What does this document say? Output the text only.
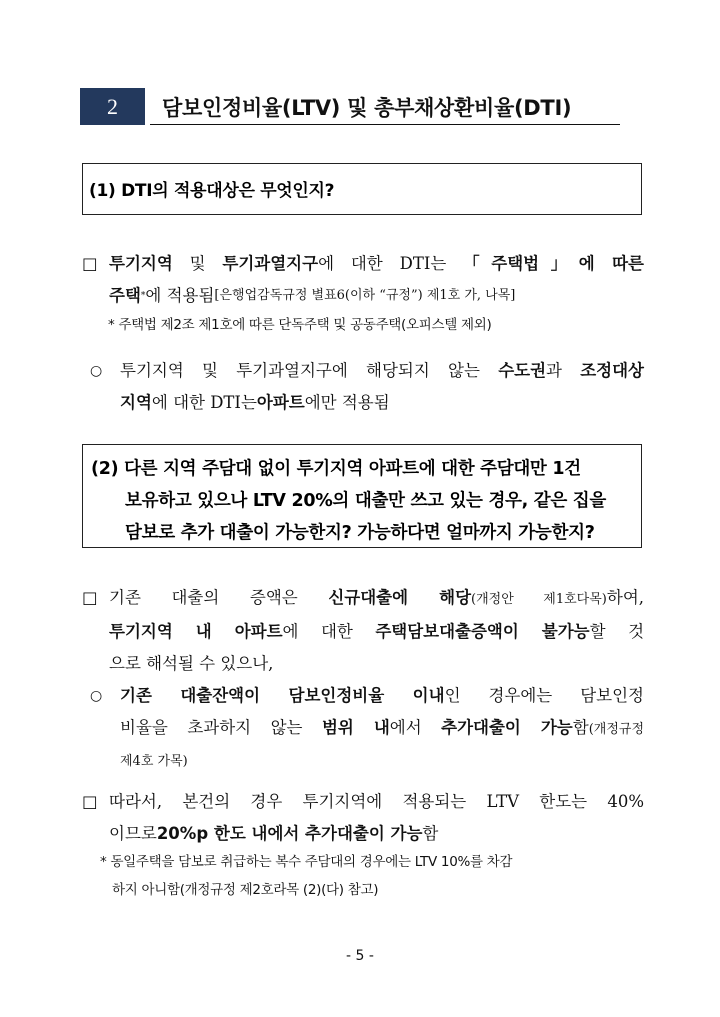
2	담보인정비율(LTV) 및 총부채상환비율(DTI)
(1) DTI의 적용대상은 무엇인지?
□ 투기지역 및 투기과열지구에 대한 DTI는 「주택법」에 따른
주택 * 에 적용됨 [은행업감독규정 별표6(이하 “규정”) 제1호 가, 나목]
* 주택법 제2조 제1호에 따른 단독주택 및 공동주택(오피스텔 제외)
○	투기지역 및 투기과열지구에 해당되지 않는 수도권과 조정대상
지역 에 대한 DTI는 아파트 에만 적용됨
(2) 다른 지역 주담대 없이 투기지역 아파트에 대한 주담대만 1건
보유하고 있으나 LTV 20%의 대출만 쓰고 있는 경우, 같은 집을
담보로 추가 대출이 가능한지? 가능하다면 얼마까지 가능한지?
□ 기존 대출의 증액은 신규대출에 해당(개정안 제1호다목)하여,
투기지역 내 아파트에 대한 주택담보대출증액이 불가능할 것
으로 해석될 수 있으나,
○	기존 대출잔액이 담보인정비율 이내인 경우에는 담보인정
비율을 초과하지 않는 범위 내에서 추가대출이 가능함(개정규정
제4호 가목)
□ 따라서, 본건의 경우 투기지역에 적용되는 LTV 한도는 40%
이므로 20%p 한도 내에서 추가대출이 가능 함
* 동일주택을 담보로 취급하는 복수 주담대의 경우에는 LTV 10%를 차감
하지 아니함(개정규정 제2호라목 (2)(다) 참고)
- 5 -
